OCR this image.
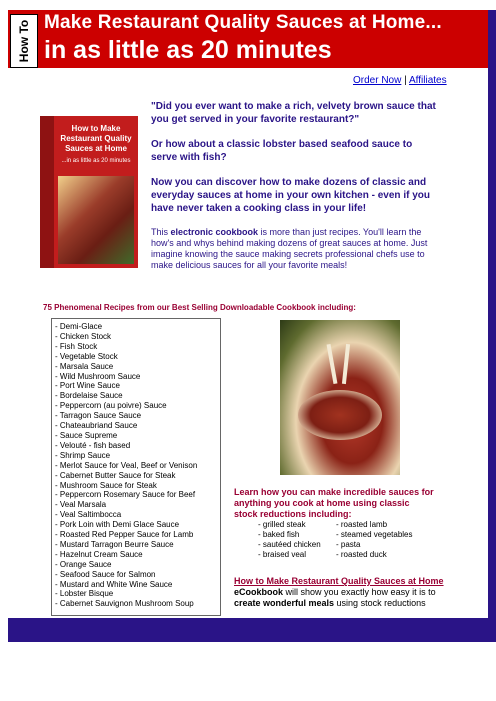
How To Make Restaurant Quality Sauces at Home...
in as little as 20 minutes
Order Now | Affiliates
How to Make Restaurant Quality Sauces at Home
...in as little as 20 minutes

"Did you ever want to make a rich, velvety brown sauce that you get served in your favorite restaurant?"

Or how about a classic lobster based seafood sauce to serve with fish?

Now you can discover how to make dozens of classic and everyday sauces at home in your own kitchen - even if you have never taken a cooking class in your life!

This electronic cookbook is more than just recipes. You'll learn the how's and whys behind making dozens of great sauces at home. Just imagine knowing the sauce making secrets professional chefs use to make delicious sauces for all your favorite meals!

75 Phenomenal Recipes from our Best Selling Downloadable Cookbook including:
- Demi-Glace
- Chicken Stock
- Fish Stock
- Vegetable Stock
- Marsala Sauce
- Wild Mushroom Sauce
- Port Wine Sauce
- Bordelaise Sauce
- Peppercorn (au poivre) Sauce
- Tarragon Sauce Sauce
- Chateaubriand Sauce
- Sauce Supreme
- Velouté - fish based
- Shrimp Sauce
- Merlot Sauce for Veal, Beef or Venison
- Cabernet Butter Sauce for Steak
- Mushroom Sauce for Steak
- Peppercorn Rosemary Sauce for Beef
- Veal Marsala
- Veal Saltimbocca
- Pork Loin with Demi Glace Sauce
- Roasted Red Pepper Sauce for Lamb
- Mustard Tarragon Beurre Sauce
- Hazelnut Cream Sauce
- Orange Sauce
- Seafood Sauce for Salmon
- Mustard and White Wine Sauce
- Lobster Bisque
- Cabernet Sauvignon Mushroom Soup
Learn how you can make incredible sauces for anything you cook at home using classic stock reductions including:
- grilled steak
- baked fish
- sautéed chicken
- braised veal
- roasted lamb
- steamed vegetables
- pasta
- roasted duck
How to Make Restaurant Quality Sauces at Home
eCookbook will show you exactly how easy it is to create wonderful meals using stock reductions
